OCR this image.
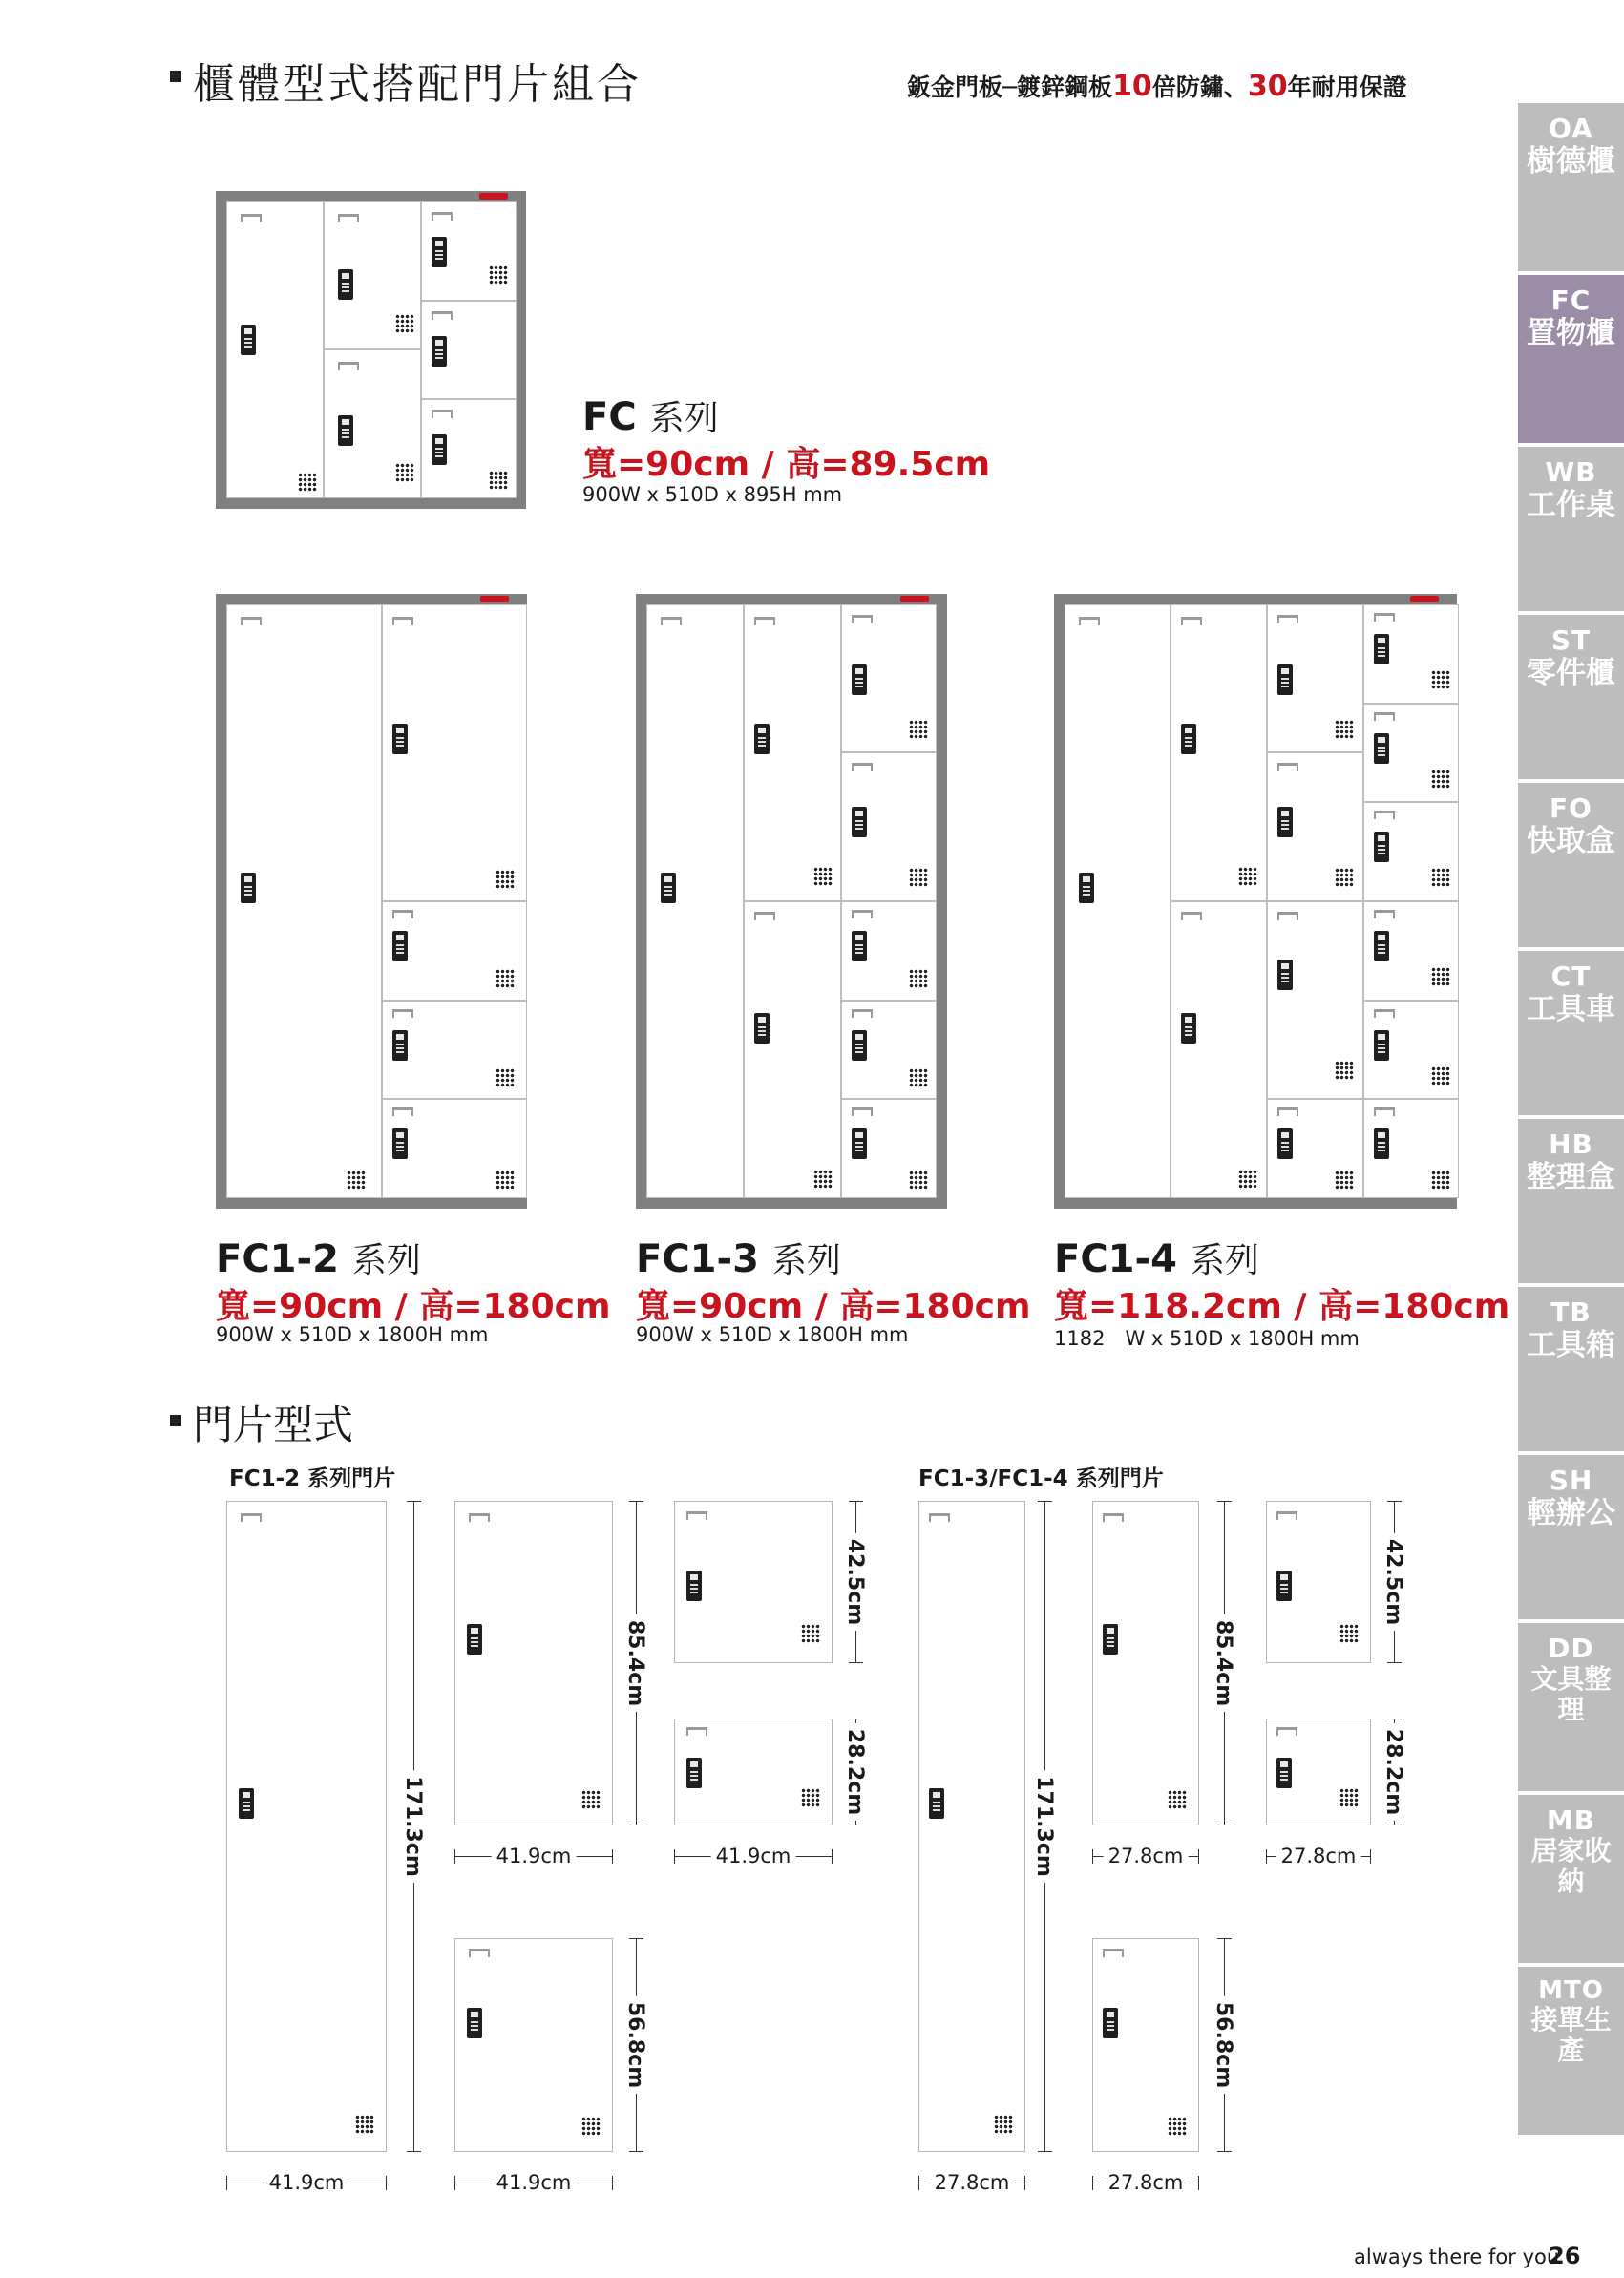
櫃體型式搭配門片組合	鈑金門板─鍍鋅鋼板10倍防鏽、30年耐用保證
FC 系列
寬=90cm / 高=89.5cm
900W x 510D x 895H mm
FC1-2 系列
寬=90cm / 高=180cm
900W x 510D x 1800H mm
FC1-3 系列
寬=90cm / 高=180cm
900W x 510D x 1800H mm
FC1-4 系列
寬=118.2cm / 高=180cm
1182　W x 510D x 1800H mm
門片型式
FC1-2 系列門片	FC1-3/FC1-4 系列門片
171.3cm
41.9cm
85.4cm
41.9cm
42.5cm
28.2cm
41.9cm
56.8cm
41.9cm
171.3cm
27.8cm
85.4cm
27.8cm
42.5cm
28.2cm
27.8cm
56.8cm
27.8cm
OA
樹德櫃
FC
置物櫃
WB
工作桌
ST
零件櫃
FO
快取盒
CT
工具車
HB
整理盒
TB
工具箱
SH
輕辦公
DD
文具整理
MB
居家收納
MTO
接單生產
always there for you
26
